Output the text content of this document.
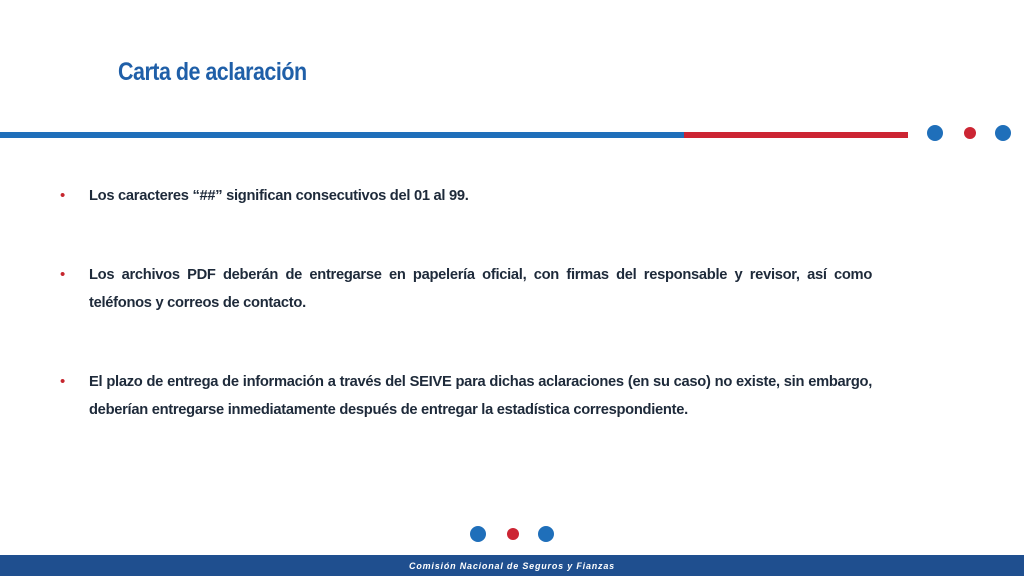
Carta de aclaración
•	Los caracteres “##” significan consecutivos del 01 al 99.
•	Los archivos PDF deberán de entregarse en papelería oficial, con firmas del responsable y revisor, así como teléfonos y correos de contacto.
•	El plazo de entrega de información a través del SEIVE para dichas aclaraciones (en su caso) no existe, sin embargo, deberían entregarse inmediatamente después de entregar la estadística correspondiente.
Comisión Nacional de Seguros y Fianzas
